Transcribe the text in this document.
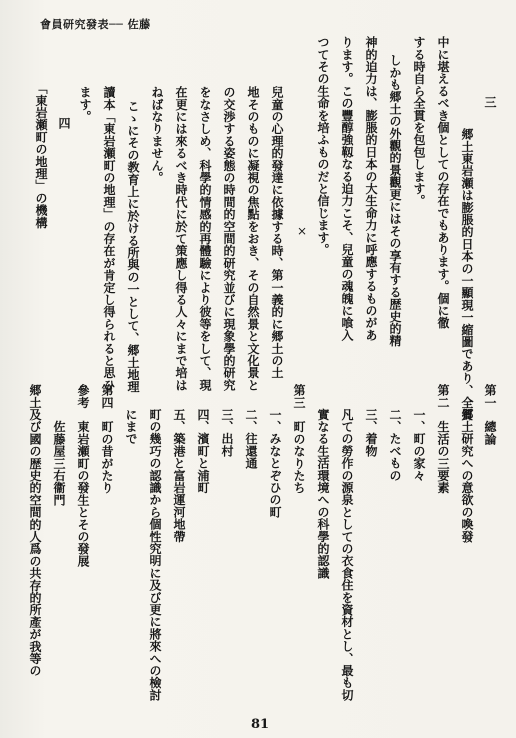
會員研究發表── 佐藤
三
郷土東岩瀬は膨脹的日本の一顯現一縮圖であり、全質
中に堪えるべき個としての存在でもあります。個に徹
する時自ら全貫を包包します。
しかも郷土の外觀的景觀更にはその享有する歴史的精
神的迫力は、膨脹的日本の大生命力に呼應するものがあ
ります。この豐醇強靱なる迫力こそ、兒童の魂魄に喰入
つてその生命を培ふものだと信じます。
×
兒童の心理的發達に依據する時、第一義的に郷土の土
地そのものに凝視の焦點をおき、その自然景と文化景と
の交渉する姿態の時間的空間的研究並びに現象學的研究
をなさしめ、科學的情感的再體驗により彼等をして、現
在更には來るべき時代に於て策應し得る人々にまで培は
ねばなりません。
こゝにその教育上に於ける所與の一として、郷土地理
讀本「東岩瀬町の地理」の存在が肯定し得られると思ひ
ます。
四
「東岩瀬町の地理」の機構
第一　總論
　郷土研究への意欲の喚發
第二　生活の三要素
　一、町の家々
　二、たべもの
　三、着物
　凡ての勞作の源泉としての衣食住を資材とし、最も切
　實なる生活環境への科學的認識
第三　町のなりたち
　一、みなとぞひの町
　二、往還通
　三、出村
　四、濱町と浦町
　五、築港と富岩運河地帶
　町の幾巧の認識から個性究明に及び更に將來への檢討
　にまで
第四　町の昔がたり
參考　東岩瀬町の發生とその發展
　　　佐藤屋三右衞門
郷土及び國の歴史的空間的人爲の共存的所產が我等の
81
